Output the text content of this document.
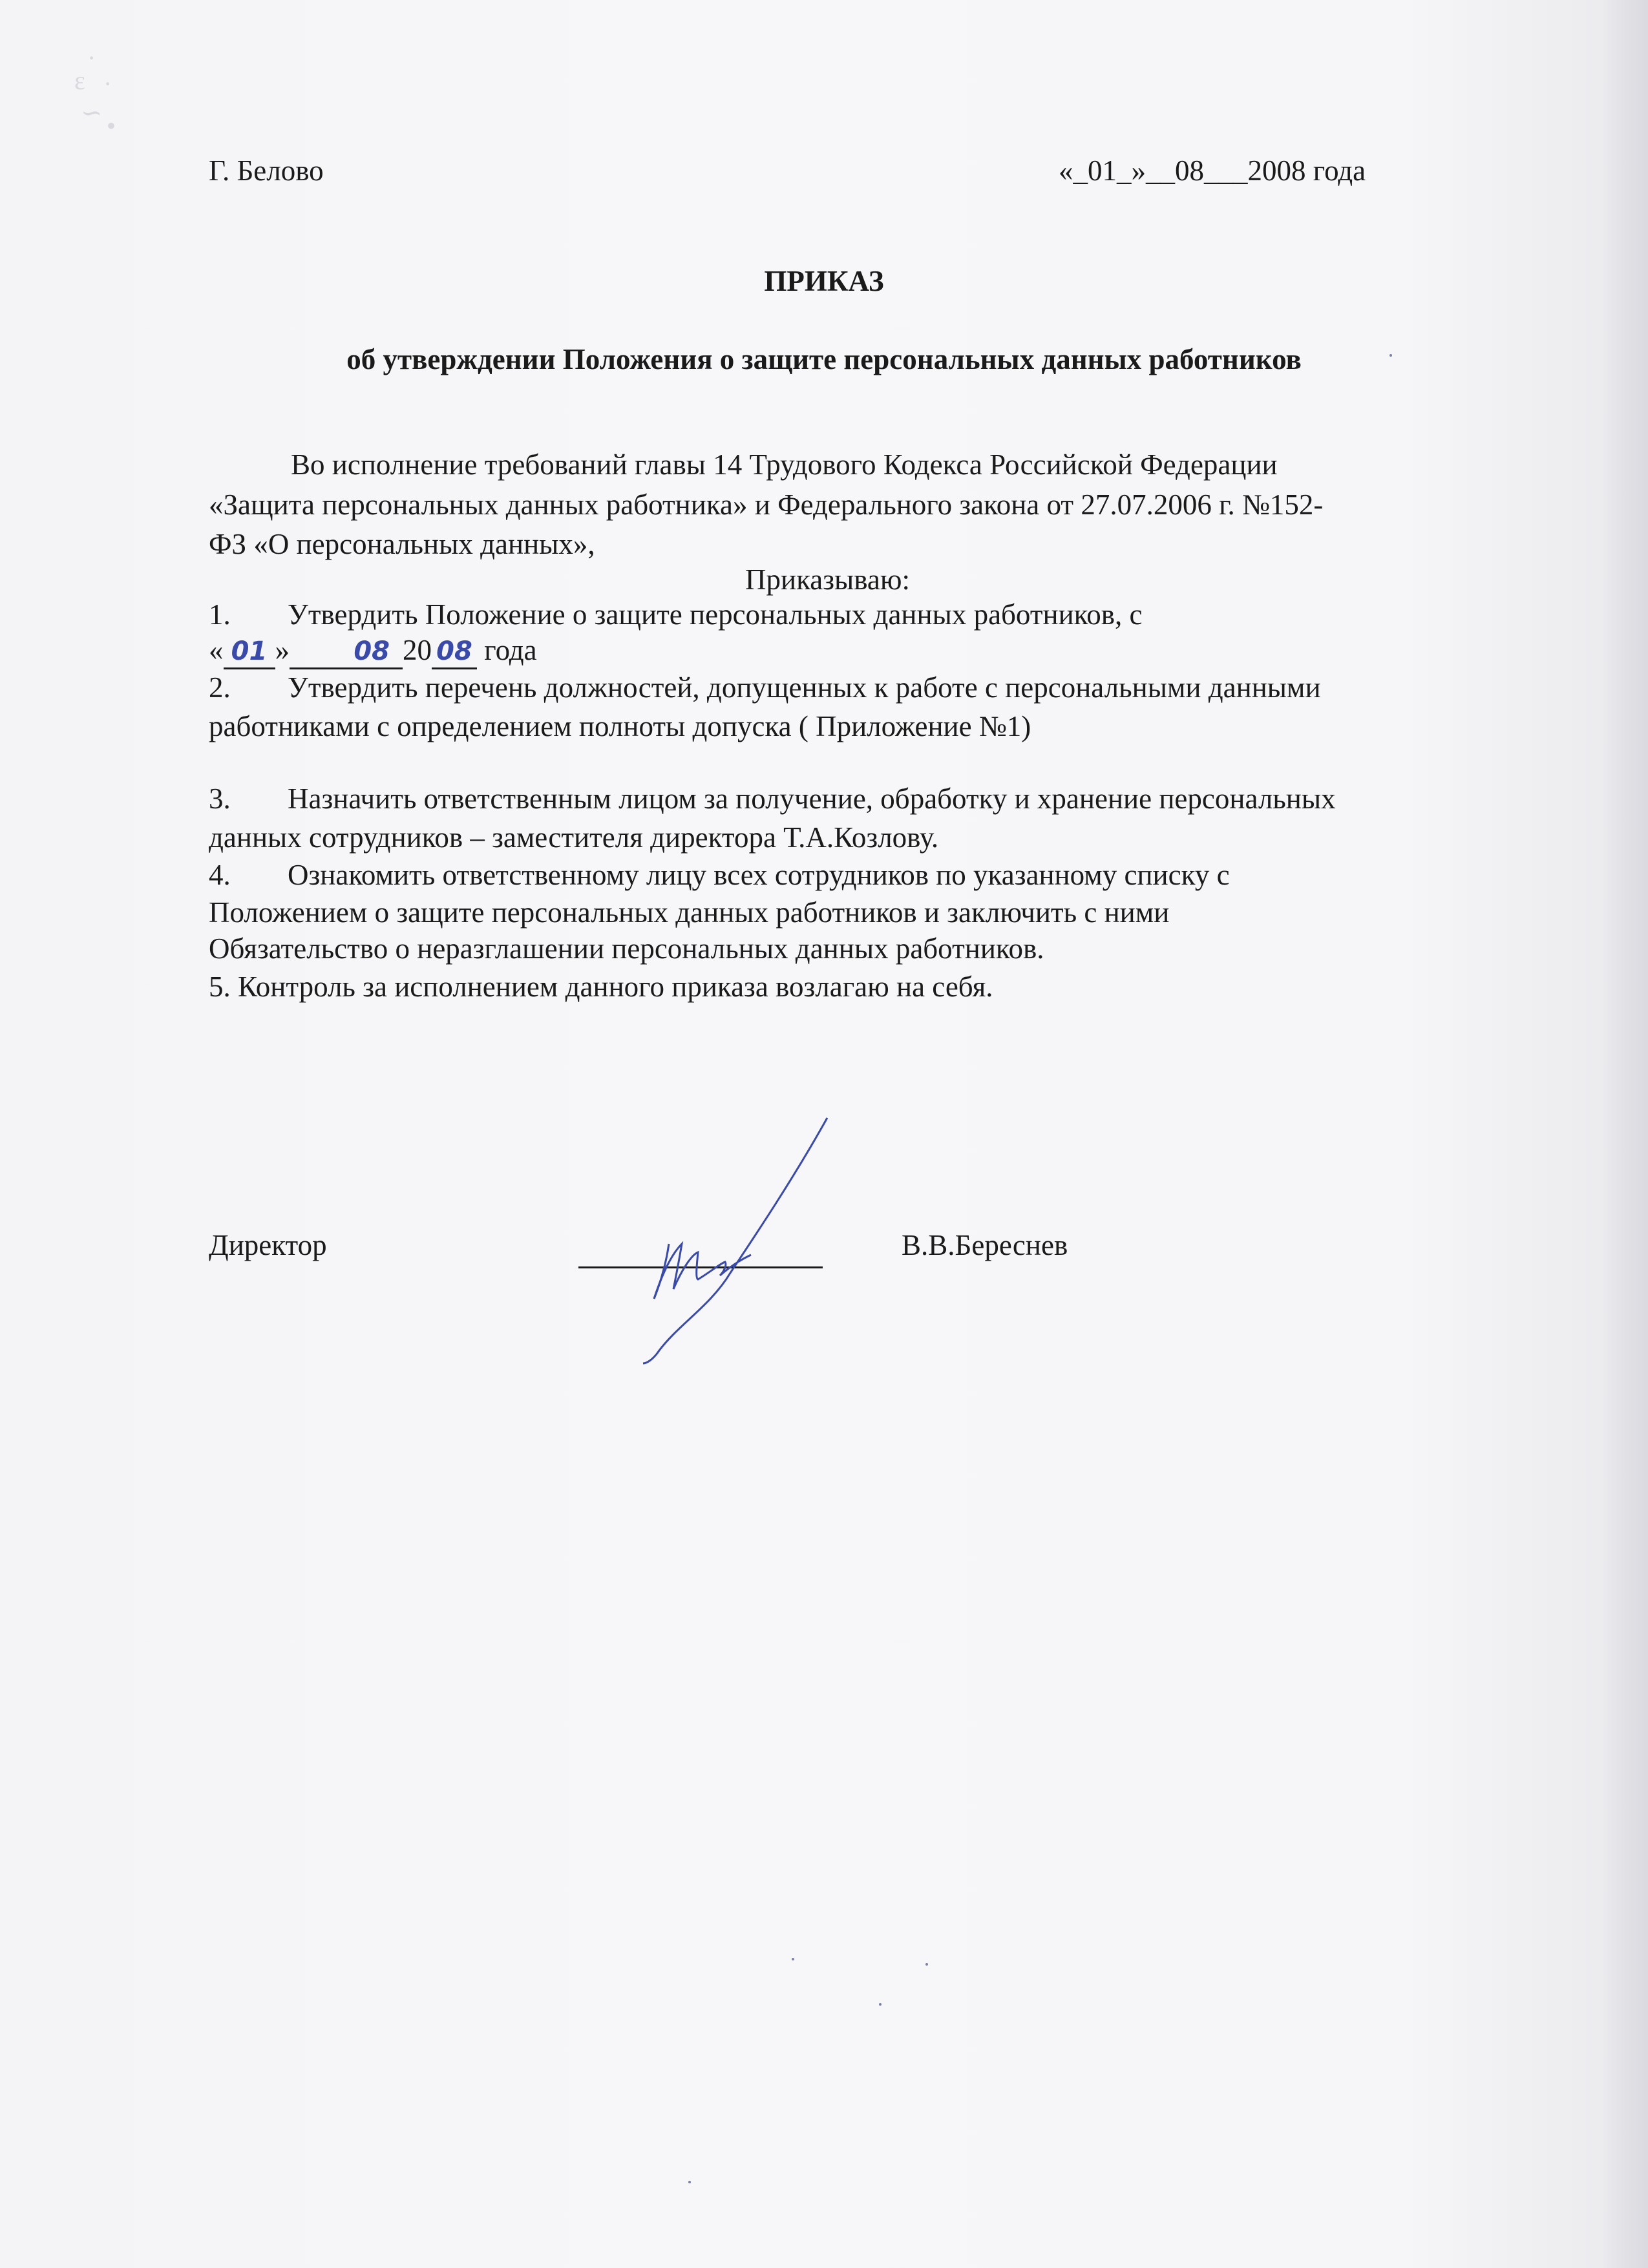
·
ε ·
∽ •
Г. Белово	«_01_»__08___2008 года
ПРИКАЗ
об утверждении Положения о защите персональных данных работников
Во исполнение требований главы 14 Трудового Кодекса Российской Федерации
«Защита персональных данных работника» и Федерального закона от 27.07.2006 г. №152-
ФЗ «О персональных данных»,
Приказываю:
1. Утвердить Положение о защите персональных данных работников, с
« 01 » 08 20 08 года
2. Утвердить перечень должностей, допущенных к работе с персональными данными
работниками с определением полноты допуска ( Приложение №1)
3. Назначить ответственным лицом за получение, обработку и хранение персональных
данных сотрудников – заместителя директора Т.А.Козлову.
4. Ознакомить ответственному лицу всех сотрудников по указанному списку с
Положением о защите персональных данных работников и заключить с ними
Обязательство о неразглашении персональных данных работников.
5. Контроль за исполнением данного приказа возлагаю на себя.
Директор	В.В.Береснев
